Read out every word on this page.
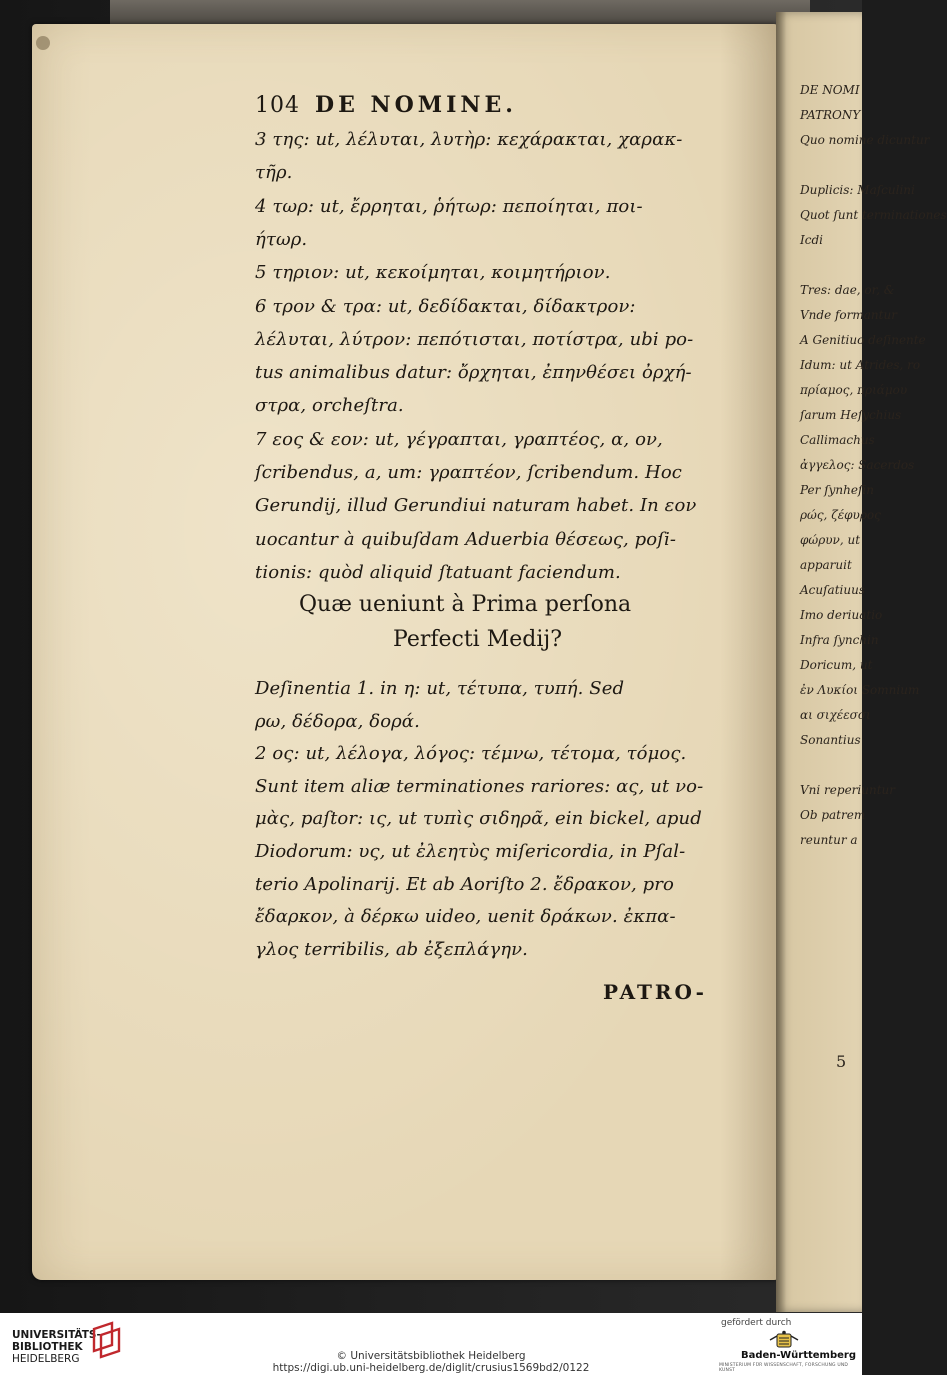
DE NOMI
PATRONY
Quo nomine dicuntur
Duplicis: Maſculini
Quot ſunt terminationes
Icdi
Tres: dae, or, &
Vnde formantur
A Genitiuo deſinente
Idum: ut Atrides, ro
πρίαμος, πριάμου
ſarum Heſychius
Callimachus
ἀγγελος: Sacerdos
Per ſynheſin
ρώς, ζέφυρος
φώρυν, ut
apparuit
Acuſatiuus
Imo deriuatio
Infra ſynchin
Doricum, ut
ἐν Λυκίοι Somnium
αι σιχέεσσι
Sonantius
Vni reperiuntur
Ob patrem
reuntur a
5
104 DE NOMINE.
3 της: ut, λέλυται, λυτὴρ: κεχάρακται, χαρακ-
τῆρ.
4 τωρ: ut, ἔρρηται, ῥήτωρ: πεποίηται, ποι-
ήτωρ.
5 τηριον: ut, κεκοίμηται, κοιμητήριον.
6 τρον & τρα: ut, δεδίδακται, δίδακτρον:
λέλυται, λύτρον: πεπότισται, ποτίστρα, ubi po-
tus animalibus datur: ὄρχηται, ἐπηνθέσει ὀρχή-
στρα, orcheſtra.
7 εος & εον: ut, γέγραπται, γραπτέος, α, ον,
ſcribendus, a, um: γραπτέον, ſcribendum. Hoc
Gerundij, illud Gerundiui naturam habet. In εον
uocantur à quibuſdam Aduerbia θέσεως, poſi-
tionis: quòd aliquid ſtatuant faciendum.
Quæ ueniunt à Prima perſona
Perfecti Medij?
Deſinentia 1. in η: ut, τέτυπα, τυπή. Sed
ρω, δέδορα, δορά.
2 ος: ut, λέλογα, λόγος: τέμνω, τέτομα, τόμος.
Sunt item aliæ terminationes rariores: ας, ut νο-
μὰς, paſtor: ις, ut τυπὶς σιδηρᾶ, ein bickel, apud
Diodorum: υς, ut ἐλεητὺς miſericordia, in Pſal-
terio Apolinarij. Et ab Aoriſto 2. ἔδρακον, pro
ἔδαρκον, à δέρκω uideo, uenit δράκων. ἐκπα-
γλος terribilis, ab ἐξεπλάγην.
PATRO-
UNIVERSITÄTS-
BIBLIOTHEK
HEIDELBERG	© Universitätsbibliothek Heidelberg
https://digi.ub.uni-heidelberg.de/diglit/crusius1569bd2/0122
gefördert durch
Baden-Württemberg
MINISTERIUM FÜR WISSENSCHAFT, FORSCHUNG UND KUNST
